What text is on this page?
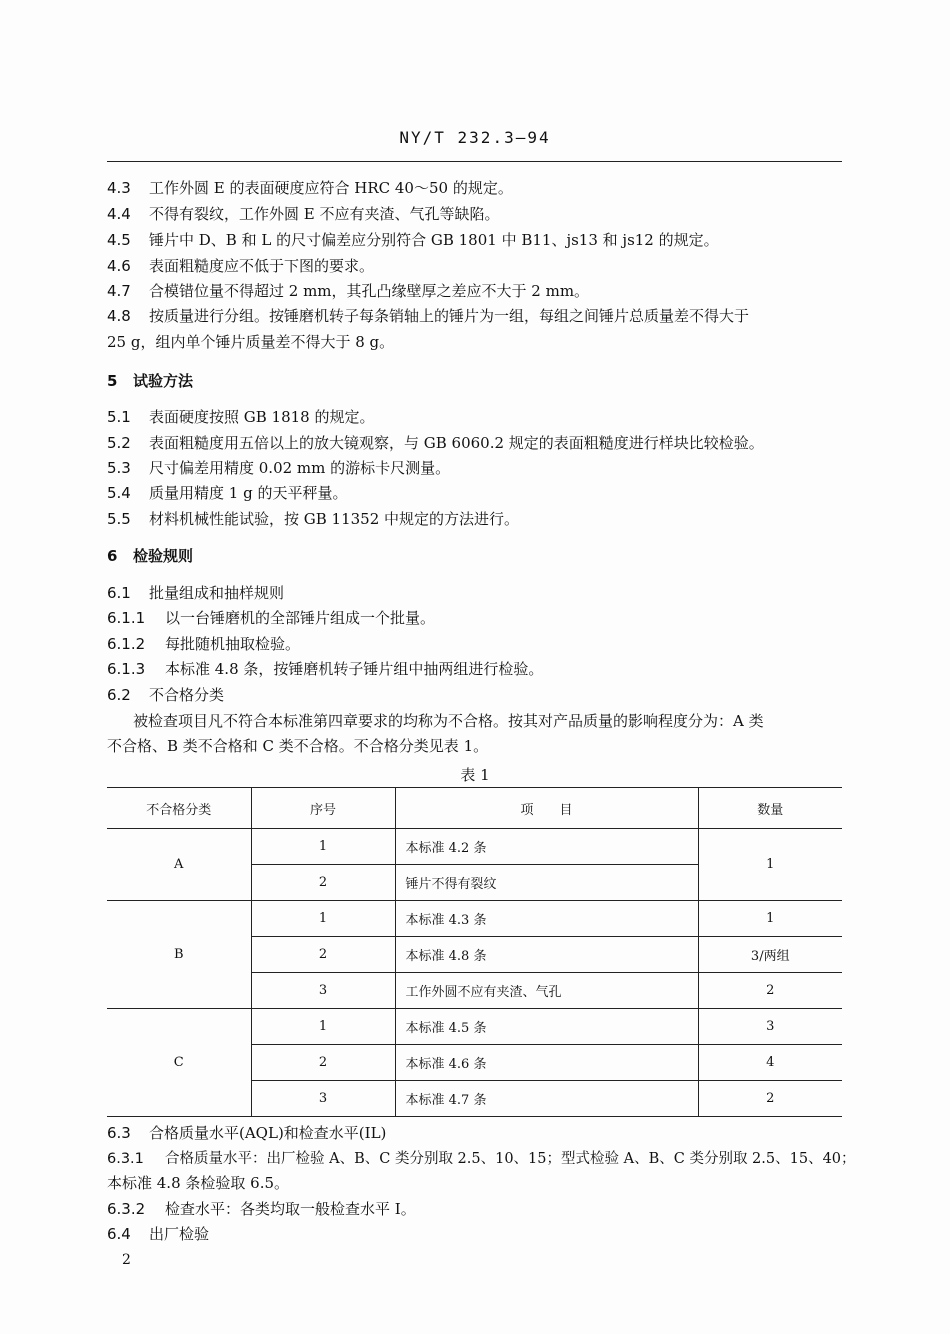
NY/T 232.3—94
4.3 工作外圆 E 的表面硬度应符合 HRC 40～50 的规定。
4.4 不得有裂纹，工作外圆 E 不应有夹渣、气孔等缺陷。
4.5 锤片中 D、B 和 L 的尺寸偏差应分别符合 GB 1801 中 B11、js13 和 js12 的规定。
4.6 表面粗糙度应不低于下图的要求。
4.7 合模错位量不得超过 2 mm，其孔凸缘壁厚之差应不大于 2 mm。
4.8 按质量进行分组。按锤磨机转子每条销轴上的锤片为一组，每组之间锤片总质量差不得大于
25 g，组内单个锤片质量差不得大于 8 g。
5 试验方法
5.1 表面硬度按照 GB 1818 的规定。
5.2 表面粗糙度用五倍以上的放大镜观察，与 GB 6060.2 规定的表面粗糙度进行样块比较检验。
5.3 尺寸偏差用精度 0.02 mm 的游标卡尺测量。
5.4 质量用精度 1 g 的天平秤量。
5.5 材料机械性能试验，按 GB 11352 中规定的方法进行。
6 检验规则
6.1 批量组成和抽样规则
6.1.1 以一台锤磨机的全部锤片组成一个批量。
6.1.2 每批随机抽取检验。
6.1.3 本标准 4.8 条，按锤磨机转子锤片组中抽两组进行检验。
6.2 不合格分类
被检查项目凡不符合本标准第四章要求的均称为不合格。按其对产品质量的影响程度分为：A 类
不合格、B 类不合格和 C 类不合格。不合格分类见表 1。
表 1
不合格分类	序号	项　　目	数量
A	1	本标准 4.2 条	1
	2	锤片不得有裂纹	
B	1	本标准 4.3 条	1
	2	本标准 4.8 条	3/两组
	3	工作外圆不应有夹渣、气孔	2
C	1	本标准 4.5 条	3
	2	本标准 4.6 条	4
	3	本标准 4.7 条	2
6.3 合格质量水平(AQL)和检查水平(IL)
6.3.1 合格质量水平：出厂检验 A、B、C 类分别取 2.5、10、15；型式检验 A、B、C 类分别取 2.5、15、40；
本标准 4.8 条检验取 6.5。
6.3.2 检查水平：各类均取一般检查水平 Ⅰ。
6.4 出厂检验
2
